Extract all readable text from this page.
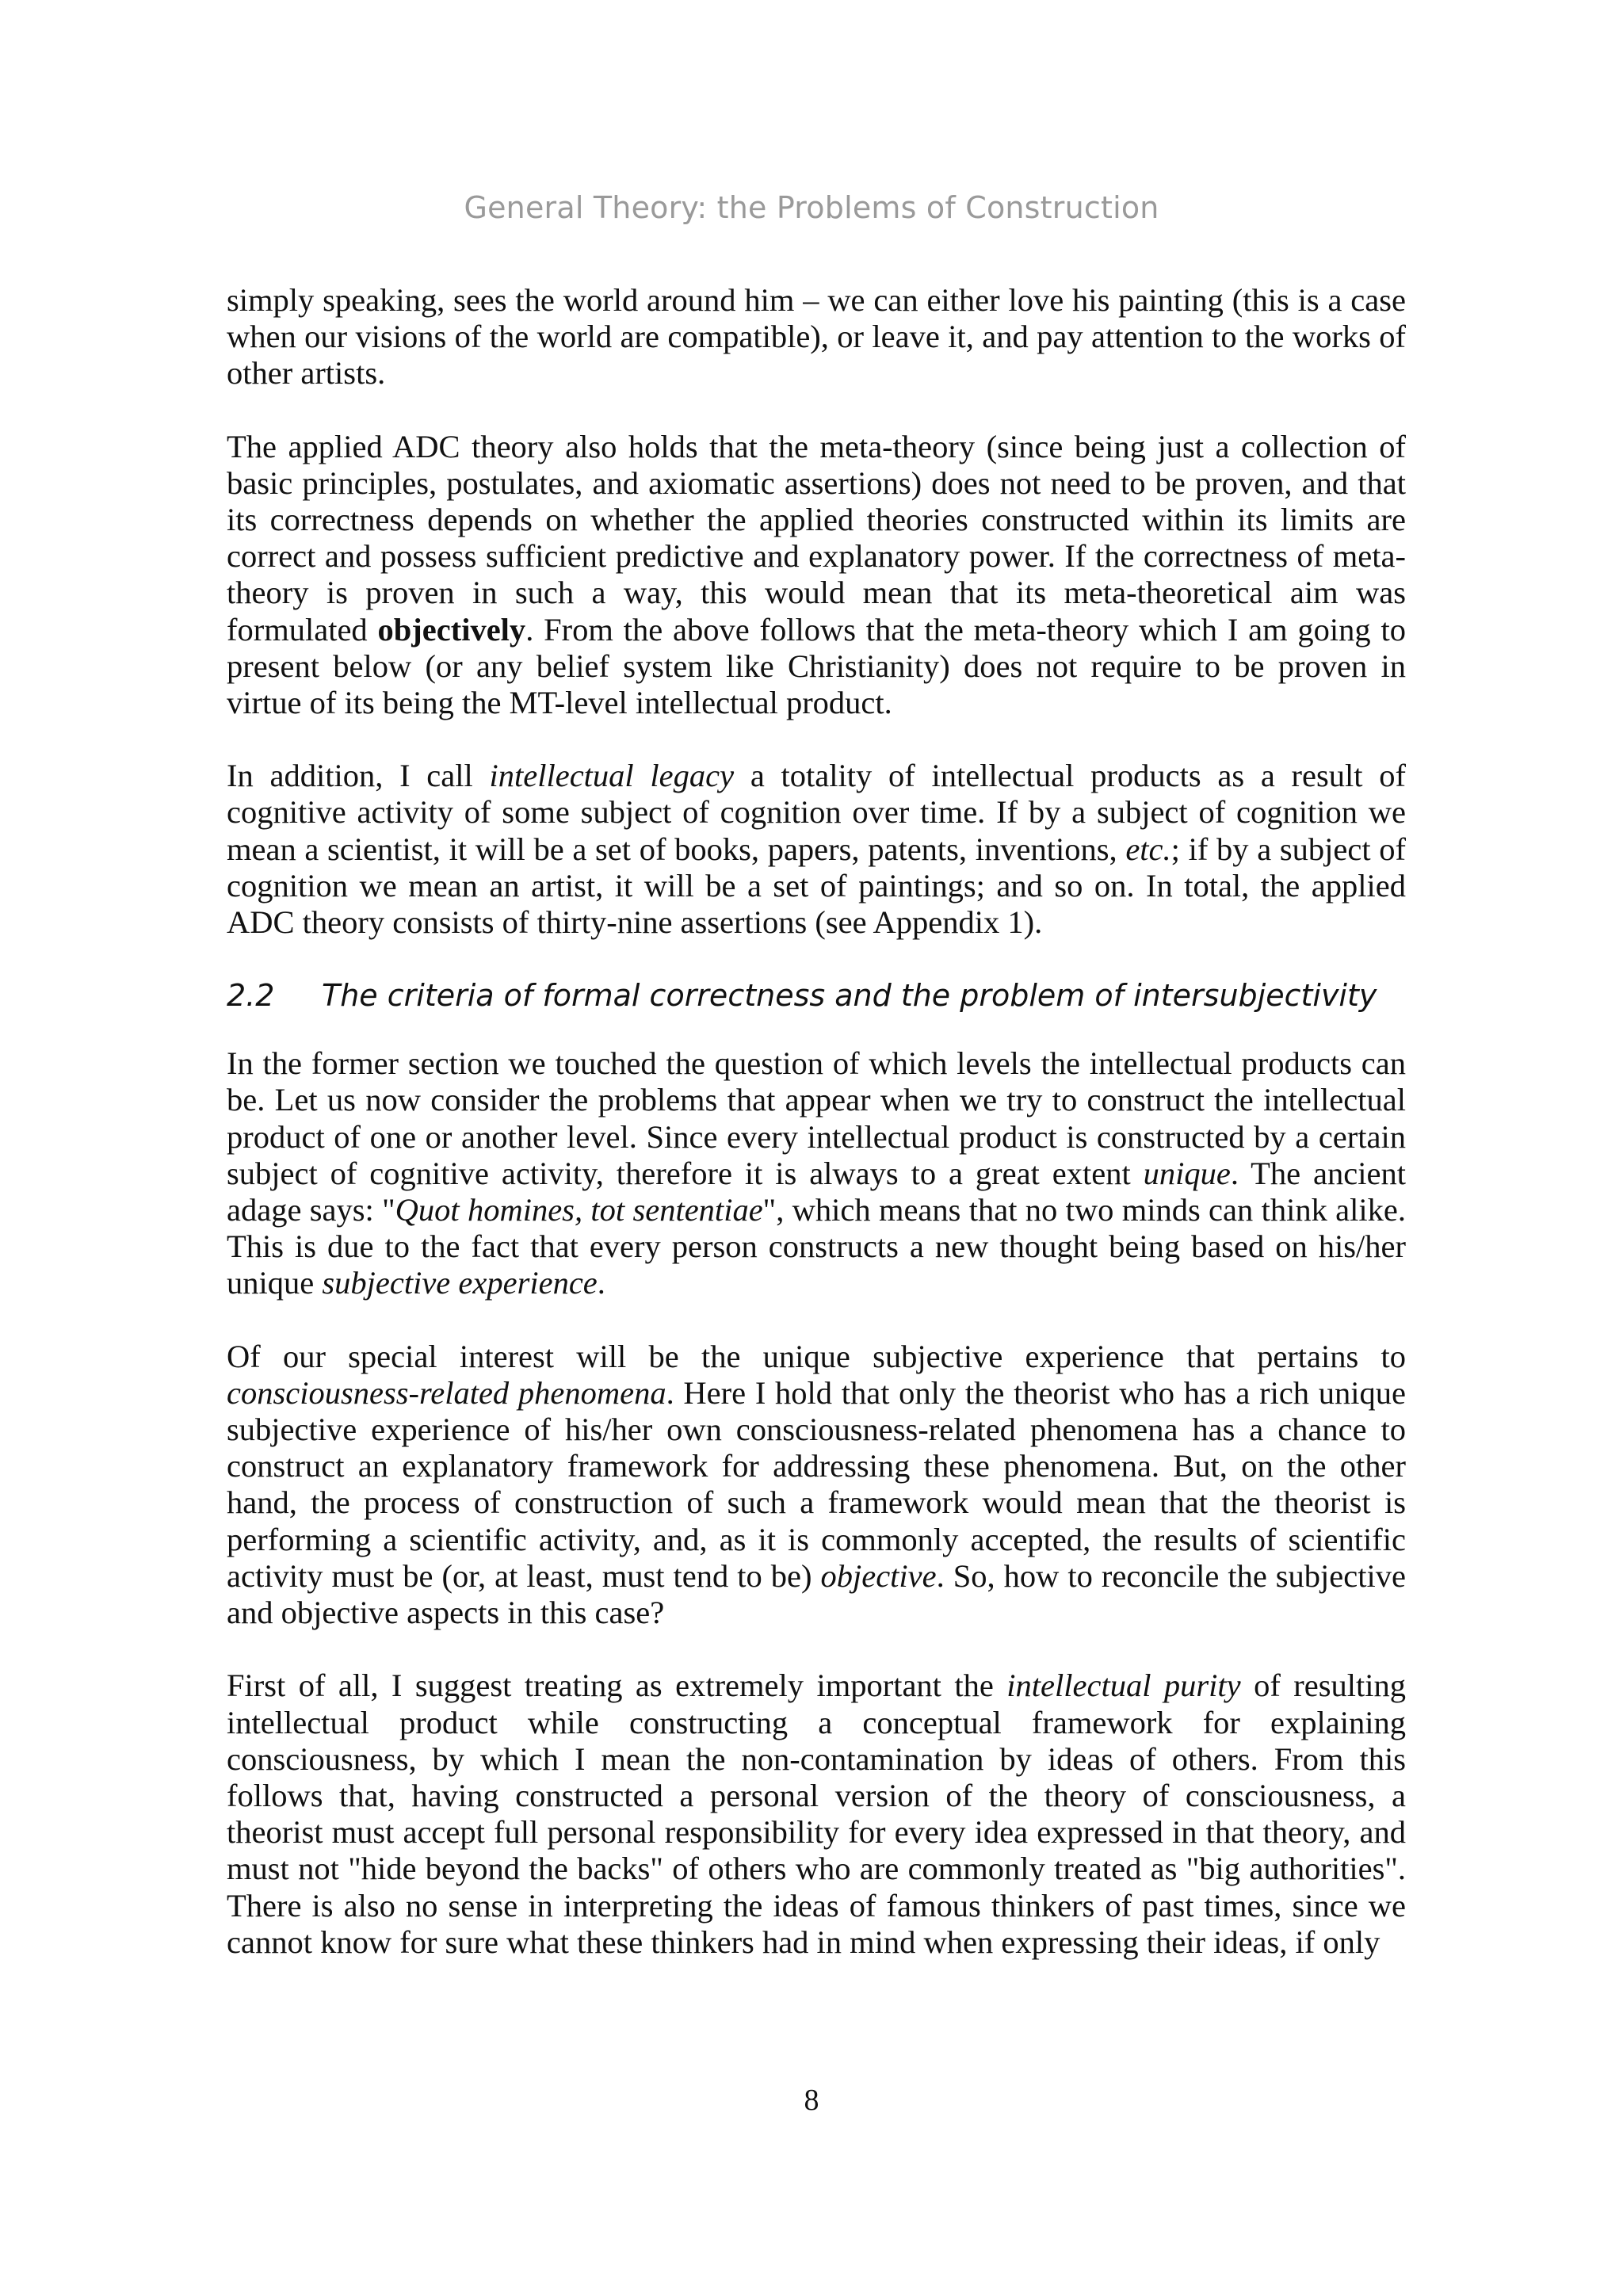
General Theory: the Problems of Construction

simply speaking, sees the world around him – we can either love his painting (this is a case when our visions of the world are compatible), or leave it, and pay attention to the works of other artists.

The applied ADC theory also holds that the meta-theory (since being just a collection of basic principles, postulates, and axiomatic assertions) does not need to be proven, and that its correctness depends on whether the applied theories constructed within its limits are correct and possess sufficient predictive and explanatory power. If the correctness of meta-theory is proven in such a way, this would mean that its meta-theoretical aim was formulated objectively. From the above follows that the meta-theory which I am going to present below (or any belief system like Christianity) does not require to be proven in virtue of its being the MT-level intellectual product.

In addition, I call intellectual legacy a totality of intellectual products as a result of cognitive activity of some subject of cognition over time. If by a subject of cognition we mean a scientist, it will be a set of books, papers, patents, inventions, etc.; if by a subject of cognition we mean an artist, it will be a set of paintings; and so on. In total, the applied ADC theory consists of thirty-nine assertions (see Appendix 1).

2.2 The criteria of formal correctness and the problem of intersubjectivity

In the former section we touched the question of which levels the intellectual products can be. Let us now consider the problems that appear when we try to construct the intellectual product of one or another level. Since every intellectual product is constructed by a certain subject of cognitive activity, therefore it is always to a great extent unique. The ancient adage says: "Quot homines, tot sententiae", which means that no two minds can think alike. This is due to the fact that every person constructs a new thought being based on his/her unique subjective experience.

Of our special interest will be the unique subjective experience that pertains to consciousness-related phenomena. Here I hold that only the theorist who has a rich unique subjective experience of his/her own consciousness-related phenomena has a chance to construct an explanatory framework for addressing these phenomena. But, on the other hand, the process of construction of such a framework would mean that the theorist is performing a scientific activity, and, as it is commonly accepted, the results of scientific activity must be (or, at least, must tend to be) objective. So, how to reconcile the subjective and objective aspects in this case?

First of all, I suggest treating as extremely important the intellectual purity of resulting intellectual product while constructing a conceptual framework for explaining consciousness, by which I mean the non-contamination by ideas of others. From this follows that, having constructed a personal version of the theory of consciousness, a theorist must accept full personal responsibility for every idea expressed in that theory, and must not "hide beyond the backs" of others who are commonly treated as "big authorities". There is also no sense in interpreting the ideas of famous thinkers of past times, since we cannot know for sure what these thinkers had in mind when expressing their ideas, if only

8
